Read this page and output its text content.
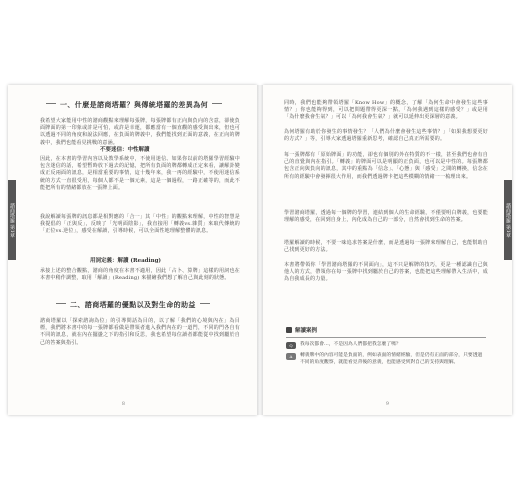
諮商塔羅 第1章	諮商塔羅 第1章
一、什麼是諮商塔羅？與傳統塔羅的差異為何
我希望大家能用中性的諮商觀點來理解每張牌，每張牌都有正向與負向的含意，卻使負面牌面的第一印象或許是可怕，或許是幸運，都應當有一個直觀的感受與出來，但也可以透過不同的角度和說法回應，在負面的牌義中，我們能找到正面的意義，在正向的牌義中，我們也能看見挑戰的意涵。
不要迷信：中性解讀
因此，在本書的學習內容以及教學系統中，不使用迷信、如果你以前的塔羅學習經驗中包含迷信的話，希望暫時放下過去的記憶，把所有負面的牌都轉成正定來看，讓解卦變成正反兩面的訊息，是相當重要的事情，這十幾年來，我一再的經驗中，不使用迷信系統的方式一直很受用，每個人都不是一個元素，這是一個過程，一路正確等的，而此不能把所有的情緒都放在一張牌上面。
我說解讀每張牌的訊息都是相對應的「合一」其「中性」的觀點來理解，中性的智慧是我提倡的「正與反」，反映了「光明面陰影」，我直接用「轉義vs.雜質」來取代傳統的「正位vs.逆位」，感受在解讀，引導時候，可以全面性地理解整體的訊息。
用詞定義：解讀 (Reading)
承接上述的整合觀點，諮商的角度在本書不適用，因此「占卜、算牌」這樣的用詞也在本書中稍作調整，取用「解讀」(Reading) 來描繪我們想了解自己與此刻的狀態。
二、諮商塔羅的優點以及對生命的助益
諮商塔羅以「探索諮詢為位」的引導問話為目的，以了解「我們的心境與內在」為目標，我們將本書中的每一張牌都看做是帶領者進入我們內在的一道門，不同的門各自有不同的訊息，就在內在擺盪之下的指引和反思，我也希望每位讀者都能從中找到屬於自己的答案與指引。
8
同時，我們也能夠帶領塔羅「Know How」的概念，了解「為何生命中會發生這些事情？」你也能夠得到，可以把問題帶得更深一點，「為何我遇到這樣的感受？」或是用「為什麼我會生氣？」可以「為何我會生氣？」就可以延伸出更深層的意義。
為何塔羅有助於你發生的事情發生？「人們為什麼會發生這些事情？」「如果我想要更好的方式？」等，引導大家透過塔羅重新思考，確認自己真正所需要的。
每一張牌都有「原始牌面」的功能，卻也有個別的外在特質的不一樣，甚至我們也會有自己的直覺與內在指引。「轉義」的牌面可以是明顯的正負面，也可以是中性的。每張牌都包含正向與負向的訊息，其中的重點為「信念」、「心態」與「感受」之間的轉換，信念在所有的經驗中會發揮很大作用，而我們透過牌卡把這些模糊的情緒一一梳理出來。
學習諮商塔羅，透過每一個牌的學習，連結到個人的生命經驗，不僅要明白牌義，也要能理解的感受，在回到自身上，內化成為自己的一部分，自然會找到生命的答案。
塔羅解讀的時候，不要一味追求答案是什麼，而是透過每一張牌來理解自己，也能幫助自己找到更好的方法。
本書將帶領你「學習諮商塔羅的不同面向」，這不只是解牌的技巧，更是一種認識自己與他人的方式，帶領你在每一張牌中找到屬於自己的答案，也能把這些理解帶入生活中，成為自我成長的力量。
解讀案例
Q	我每次都會…，不是因為人們都把我怎麼了嗎？
A	轉義牌中的內容可能是負面的，例如表面的情緒經驗，但是仍有正面的部分，只要透過不同的角度觀察，就能看見背後的意義，也能感受到對自己的支持與理解。
9
